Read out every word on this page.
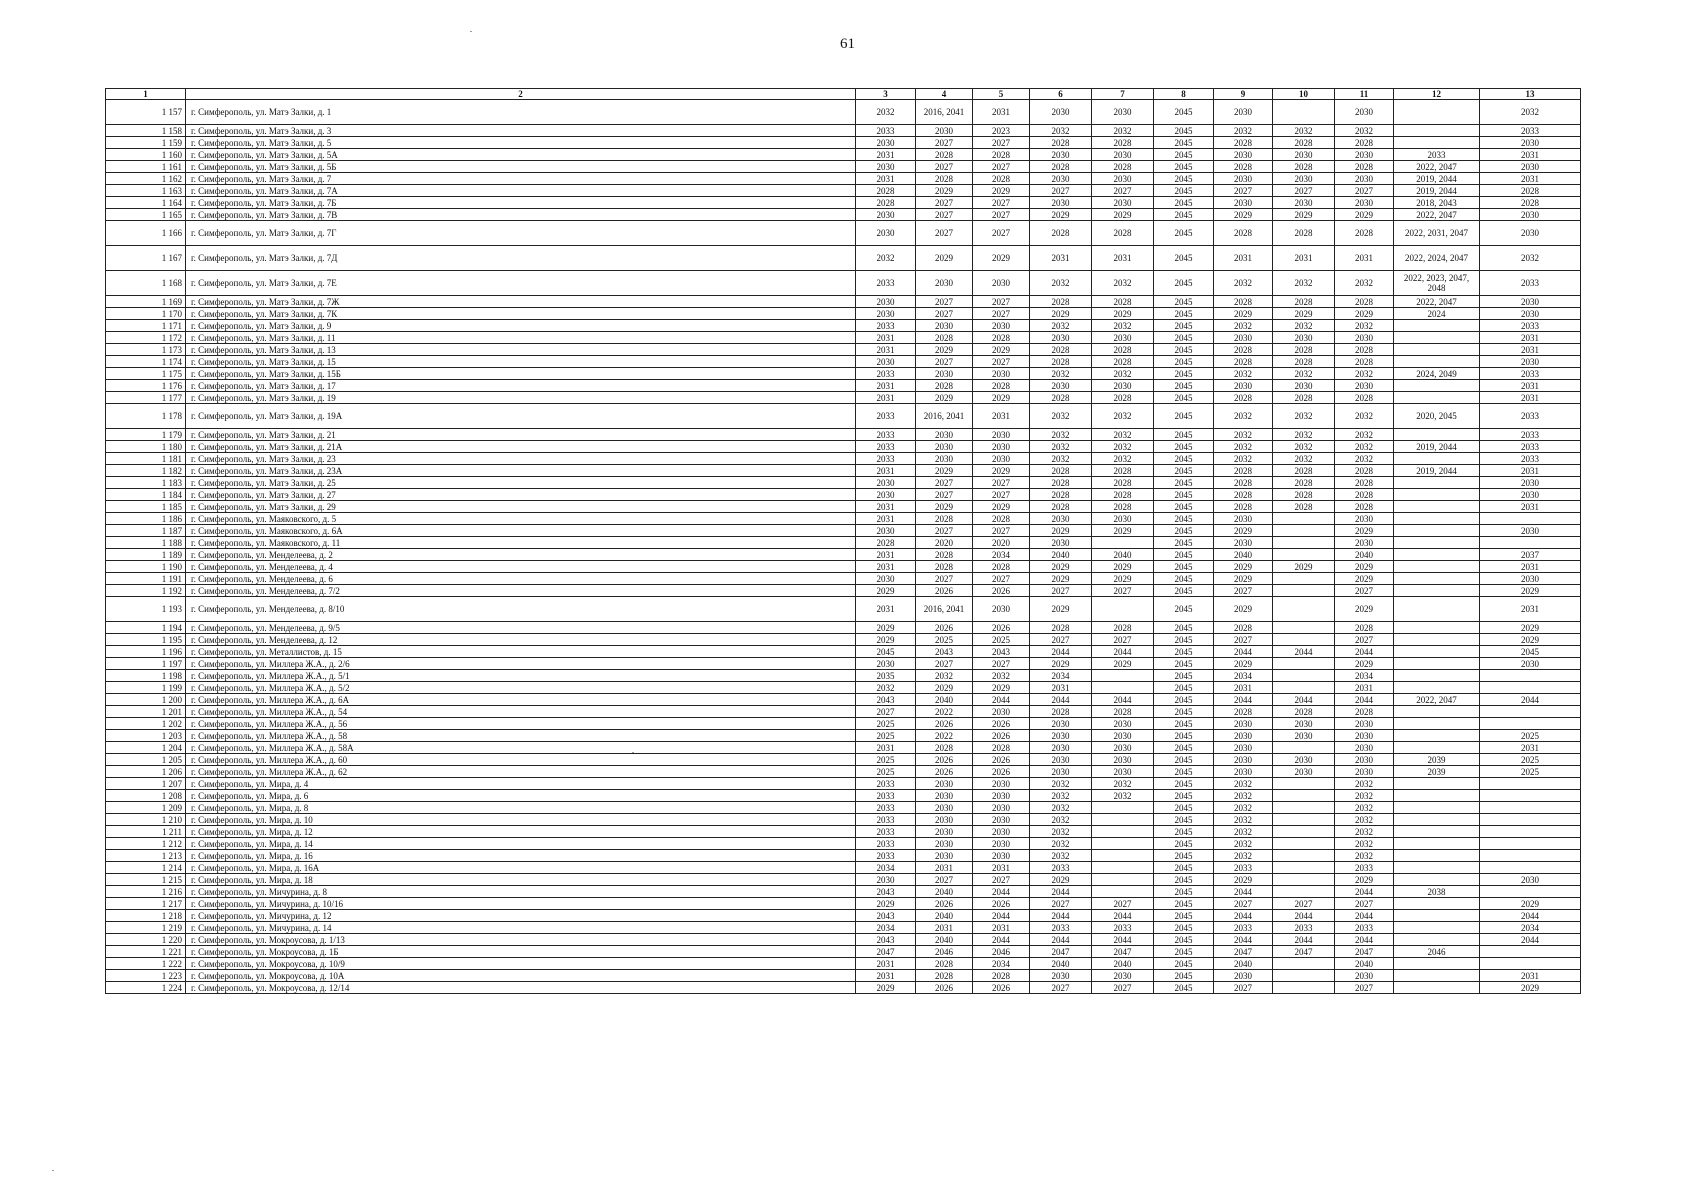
61
1	2	3	4	5	6	7	8	9	10	11	12	13
1 157	г. Симферополь, ул. Матэ Залки, д. 1	2032	2016, 2041	2031	2030	2030	2045	2030		2030		2032
1 158	г. Симферополь, ул. Матэ Залки, д. 3	2033	2030	2023	2032	2032	2045	2032	2032	2032		2033
1 159	г. Симферополь, ул. Матэ Залки, д. 5	2030	2027	2027	2028	2028	2045	2028	2028	2028		2030
1 160	г. Симферополь, ул. Матэ Залки, д. 5А	2031	2028	2028	2030	2030	2045	2030	2030	2030	2033	2031
1 161	г. Симферополь, ул. Матэ Залки, д. 5Б	2030	2027	2027	2028	2028	2045	2028	2028	2028	2022, 2047	2030
1 162	г. Симферополь, ул. Матэ Залки, д. 7	2031	2028	2028	2030	2030	2045	2030	2030	2030	2019, 2044	2031
1 163	г. Симферополь, ул. Матэ Залки, д. 7А	2028	2029	2029	2027	2027	2045	2027	2027	2027	2019, 2044	2028
1 164	г. Симферополь, ул. Матэ Залки, д. 7Б	2028	2027	2027	2030	2030	2045	2030	2030	2030	2018, 2043	2028
1 165	г. Симферополь, ул. Матэ Залки, д. 7В	2030	2027	2027	2029	2029	2045	2029	2029	2029	2022, 2047	2030
1 166	г. Симферополь, ул. Матэ Залки, д. 7Г	2030	2027	2027	2028	2028	2045	2028	2028	2028	2022, 2031, 2047	2030
1 167	г. Симферополь, ул. Матэ Залки, д. 7Д	2032	2029	2029	2031	2031	2045	2031	2031	2031	2022, 2024, 2047	2032
1 168	г. Симферополь, ул. Матэ Залки, д. 7Е	2033	2030	2030	2032	2032	2045	2032	2032	2032	2022, 2023, 2047, 2048	2033
1 169	г. Симферополь, ул. Матэ Залки, д. 7Ж	2030	2027	2027	2028	2028	2045	2028	2028	2028	2022, 2047	2030
1 170	г. Симферополь, ул. Матэ Залки, д. 7К	2030	2027	2027	2029	2029	2045	2029	2029	2029	2024	2030
1 171	г. Симферополь, ул. Матэ Залки, д. 9	2033	2030	2030	2032	2032	2045	2032	2032	2032		2033
1 172	г. Симферополь, ул. Матэ Залки, д. 11	2031	2028	2028	2030	2030	2045	2030	2030	2030		2031
1 173	г. Симферополь, ул. Матэ Залки, д. 13	2031	2029	2029	2028	2028	2045	2028	2028	2028		2031
1 174	г. Симферополь, ул. Матэ Залки, д. 15	2030	2027	2027	2028	2028	2045	2028	2028	2028		2030
1 175	г. Симферополь, ул. Матэ Залки, д. 15Б	2033	2030	2030	2032	2032	2045	2032	2032	2032	2024, 2049	2033
1 176	г. Симферополь, ул. Матэ Залки, д. 17	2031	2028	2028	2030	2030	2045	2030	2030	2030		2031
1 177	г. Симферополь, ул. Матэ Залки, д. 19	2031	2029	2029	2028	2028	2045	2028	2028	2028		2031
1 178	г. Симферополь, ул. Матэ Залки, д. 19А	2033	2016, 2041	2031	2032	2032	2045	2032	2032	2032	2020, 2045	2033
1 179	г. Симферополь, ул. Матэ Залки, д. 21	2033	2030	2030	2032	2032	2045	2032	2032	2032		2033
1 180	г. Симферополь, ул. Матэ Залки, д. 21А	2033	2030	2030	2032	2032	2045	2032	2032	2032	2019, 2044	2033
1 181	г. Симферополь, ул. Матэ Залки, д. 23	2033	2030	2030	2032	2032	2045	2032	2032	2032		2033
1 182	г. Симферополь, ул. Матэ Залки, д. 23А	2031	2029	2029	2028	2028	2045	2028	2028	2028	2019, 2044	2031
1 183	г. Симферополь, ул. Матэ Залки, д. 25	2030	2027	2027	2028	2028	2045	2028	2028	2028		2030
1 184	г. Симферополь, ул. Матэ Залки, д. 27	2030	2027	2027	2028	2028	2045	2028	2028	2028		2030
1 185	г. Симферополь, ул. Матэ Залки, д. 29	2031	2029	2029	2028	2028	2045	2028	2028	2028		2031
1 186	г. Симферополь, ул. Маяковского, д. 5	2031	2028	2028	2030	2030	2045	2030		2030		
1 187	г. Симферополь, ул. Маяковского, д. 6А	2030	2027	2027	2029	2029	2045	2029		2029		2030
1 188	г. Симферополь, ул. Маяковского, д. 11	2028	2020	2020	2030		2045	2030		2030		
1 189	г. Симферополь, ул. Менделеева, д. 2	2031	2028	2034	2040	2040	2045	2040		2040		2037
1 190	г. Симферополь, ул. Менделеева, д. 4	2031	2028	2028	2029	2029	2045	2029	2029	2029		2031
1 191	г. Симферополь, ул. Менделеева, д. 6	2030	2027	2027	2029	2029	2045	2029		2029		2030
1 192	г. Симферополь, ул. Менделеева, д. 7/2	2029	2026	2026	2027	2027	2045	2027		2027		2029
1 193	г. Симферополь, ул. Менделеева, д. 8/10	2031	2016, 2041	2030	2029		2045	2029		2029		2031
1 194	г. Симферополь, ул. Менделеева, д. 9/5	2029	2026	2026	2028	2028	2045	2028		2028		2029
1 195	г. Симферополь, ул. Менделеева, д. 12	2029	2025	2025	2027	2027	2045	2027		2027		2029
1 196	г. Симферополь, ул. Металлистов, д. 15	2045	2043	2043	2044	2044	2045	2044	2044	2044		2045
1 197	г. Симферополь, ул. Миллера Ж.А., д. 2/6	2030	2027	2027	2029	2029	2045	2029		2029		2030
1 198	г. Симферополь, ул. Миллера Ж.А., д. 5/1	2035	2032	2032	2034		2045	2034		2034		
1 199	г. Симферополь, ул. Миллера Ж.А., д. 5/2	2032	2029	2029	2031		2045	2031		2031		
1 200	г. Симферополь, ул. Миллера Ж.А., д. 6А	2043	2040	2044	2044	2044	2045	2044	2044	2044	2022, 2047	2044
1 201	г. Симферополь, ул. Миллера Ж.А., д. 54	2027	2022	2030	2028	2028	2045	2028	2028	2028		
1 202	г. Симферополь, ул. Миллера Ж.А., д. 56	2025	2026	2026	2030	2030	2045	2030	2030	2030		
1 203	г. Симферополь, ул. Миллера Ж.А., д. 58	2025	2022	2026	2030	2030	2045	2030	2030	2030		2025
1 204	г. Симферополь, ул. Миллера Ж.А., д. 58А	2031	2028	2028	2030	2030	2045	2030		2030		2031
1 205	г. Симферополь, ул. Миллера Ж.А., д. 60	2025	2026	2026	2030	2030	2045	2030	2030	2030	2039	2025
1 206	г. Симферополь, ул. Миллера Ж.А., д. 62	2025	2026	2026	2030	2030	2045	2030	2030	2030	2039	2025
1 207	г. Симферополь, ул. Мира, д. 4	2033	2030	2030	2032	2032	2045	2032		2032		
1 208	г. Симферополь, ул. Мира, д. 6	2033	2030	2030	2032	2032	2045	2032		2032		
1 209	г. Симферополь, ул. Мира, д. 8	2033	2030	2030	2032		2045	2032		2032		
1 210	г. Симферополь, ул. Мира, д. 10	2033	2030	2030	2032		2045	2032		2032		
1 211	г. Симферополь, ул. Мира, д. 12	2033	2030	2030	2032		2045	2032		2032		
1 212	г. Симферополь, ул. Мира, д. 14	2033	2030	2030	2032		2045	2032		2032		
1 213	г. Симферополь, ул. Мира, д. 16	2033	2030	2030	2032		2045	2032		2032		
1 214	г. Симферополь, ул. Мира, д. 16А	2034	2031	2031	2033		2045	2033		2033		
1 215	г. Симферополь, ул. Мира, д. 18	2030	2027	2027	2029		2045	2029		2029		2030
1 216	г. Симферополь, ул. Мичурина, д. 8	2043	2040	2044	2044		2045	2044		2044	2038	
1 217	г. Симферополь, ул. Мичурина, д. 10/16	2029	2026	2026	2027	2027	2045	2027	2027	2027		2029
1 218	г. Симферополь, ул. Мичурина, д. 12	2043	2040	2044	2044	2044	2045	2044	2044	2044		2044
1 219	г. Симферополь, ул. Мичурина, д. 14	2034	2031	2031	2033	2033	2045	2033	2033	2033		2034
1 220	г. Симферополь, ул. Мокроусова, д. 1/13	2043	2040	2044	2044	2044	2045	2044	2044	2044		2044
1 221	г. Симферополь, ул. Мокроусова, д. 1Б	2047	2046	2046	2047	2047	2045	2047	2047	2047	2046	
1 222	г. Симферополь, ул. Мокроусова, д. 10/9	2031	2028	2034	2040	2040	2045	2040		2040		
1 223	г. Симферополь, ул. Мокроусова, д. 10А	2031	2028	2028	2030	2030	2045	2030		2030		2031
1 224	г. Симферополь, ул. Мокроусова, д. 12/14	2029	2026	2026	2027	2027	2045	2027		2027		2029
